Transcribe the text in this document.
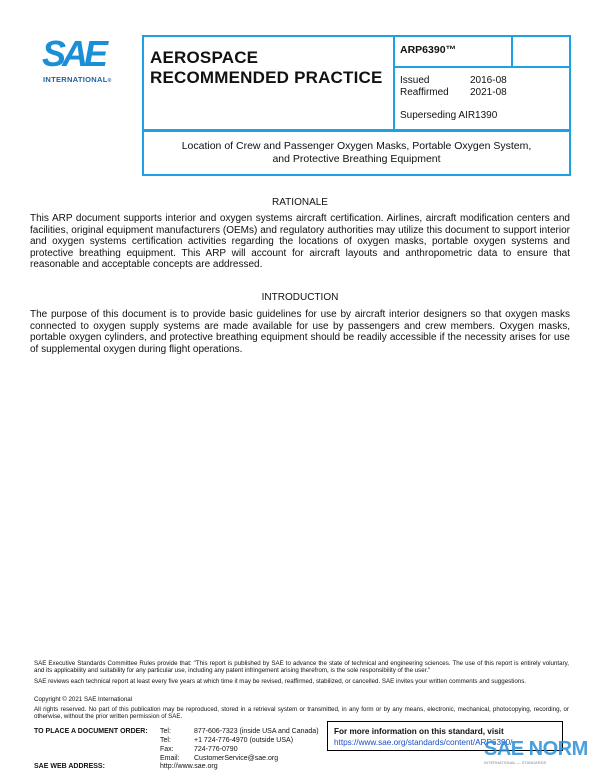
SAE
INTERNATIONAL®
AEROSPACE
RECOMMENDED PRACTICE
ARP6390™
Issued	2016-08
Reaffirmed	2021-08
Superseding AIR1390
Location of Crew and Passenger Oxygen Masks, Portable Oxygen System, and Protective Breathing Equipment
RATIONALE
This ARP document supports interior and oxygen systems aircraft certification. Airlines, aircraft modification centers and facilities, original equipment manufacturers (OEMs) and regulatory authorities may utilize this document to support interior and oxygen systems certification activities regarding the locations of oxygen masks, portable oxygen systems and protective breathing equipment. This ARP will account for aircraft layouts and anthropometric data to ensure that reasonable and acceptable concepts are addressed.
INTRODUCTION
The purpose of this document is to provide basic guidelines for use by aircraft interior designers so that oxygen masks connected to oxygen supply systems are made available for use by passengers and crew members. Oxygen masks, portable oxygen cylinders, and protective breathing equipment should be readily accessible if the necessity arises for use of supplemental oxygen during flight operations.
SAE Executive Standards Committee Rules provide that: "This report is published by SAE to advance the state of technical and engineering sciences. The use of this report is entirely voluntary, and its applicability and suitability for any particular use, including any patent infringement arising therefrom, is the sole responsibility of the user."
SAE reviews each technical report at least every five years at which time it may be revised, reaffirmed, stabilized, or cancelled. SAE invites your written comments and suggestions.
Copyright © 2021 SAE International
All rights reserved. No part of this publication may be reproduced, stored in a retrieval system or transmitted, in any form or by any means, electronic, mechanical, photocopying, recording, or otherwise, without the prior written permission of SAE.
TO PLACE A DOCUMENT ORDER: Tel:	877-606-7323 (inside USA and Canada)
Tel:	+1 724-776-4970 (outside USA)
Fax:	724-776-0790
Email:	CustomerService@sae.org
SAE WEB ADDRESS:	http://www.sae.org
For more information on this standard, visit
https://www.sae.org/standards/content/ARP6390/
SAE NORM
INTERNATIONAL — STANDARDS
